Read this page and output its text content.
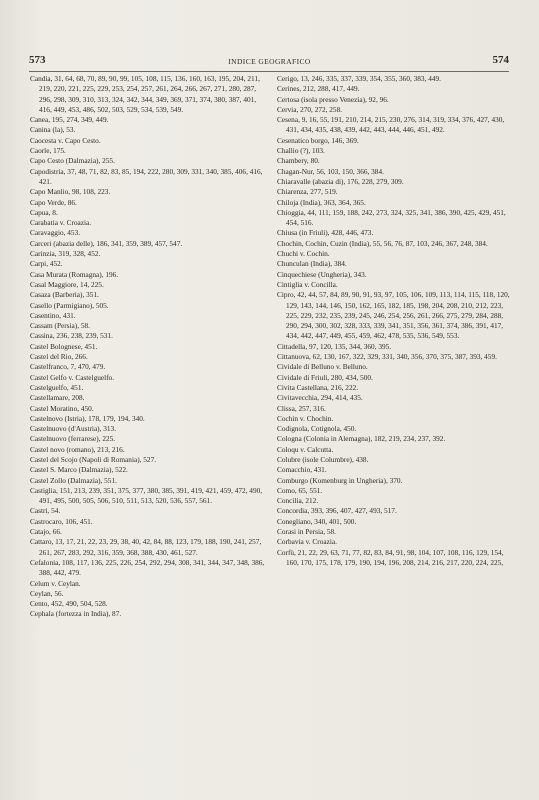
573	INDICE GEOGRAFICO	574
Candia, 31, 64, 68, 70, 89, 90, 99, 105, 108, 115, 136, 160, 163, 195, 204, 211, 219, 220, 221, 225, 229, 253, 254, 257, 261, 264, 266, 267, 271, 280, 287, 296, 298, 309, 310, 313, 324, 342, 344, 349, 369, 371, 374, 380, 387, 401, 416, 449, 453, 486, 502, 503, 529, 534, 539, 549.
Canea, 195, 274, 349, 449.
Canina (la), 53.
Caocesta v. Capo Cesto.
Caorle, 175.
Capo Cesto (Dalmazia), 255.
Capodistria, 37, 48, 71, 82, 83, 85, 194, 222, 280, 309, 331, 340, 385, 406, 416, 421.
Capo Manlio, 98, 108, 223.
Capo Verde, 86.
Capua, 8.
Carabatia v. Croazia.
Caravaggio, 453.
Carceri (abazia delle), 186, 341, 359, 389, 457, 547.
Carinzia, 319, 328, 452.
Carpi, 452.
Casa Murata (Romagna), 196.
Casal Maggiore, 14, 225.
Casaza (Barberia), 351.
Casello (Parmigiano), 505.
Casentino, 431.
Cassam (Persia), 58.
Cassina, 236, 238, 239, 531.
Castel Bolognese, 451.
Castel del Rio, 266.
Castelfranco, 7, 470, 479.
Castel Gelfo v. Castelguelfo.
Castelguelfo, 451.
Castellamare, 208.
Castel Moratino, 450.
Castelnovo (Istria), 178, 179, 194, 340.
Castelnuovo (d'Austria), 313.
Castelnuovo (ferrarese), 225.
Castel novo (romano), 213, 216.
Castel del Scojo (Napoli di Romania), 527.
Castel S. Marco (Dalmazia), 522.
Castel Zollo (Dalmazia), 551.
Castiglia, 151, 213, 239, 351, 375, 377, 380, 385, 391, 419, 421, 459, 472, 490, 491, 495, 500, 505, 506, 510, 511, 513, 520, 536, 557, 561.
Castri, 54.
Castrocaro, 106, 451.
Catajo, 66.
Cattaro, 13, 17, 21, 22, 23, 29, 38, 40, 42, 84, 88, 123, 179, 188, 190, 241, 257, 261, 267, 283, 292, 316, 359, 368, 388, 430, 461, 527.
Cefalonia, 108, 117, 136, 225, 226, 254, 292, 294, 308, 341, 344, 347, 348, 386, 388, 442, 479.
Celum v. Ceylan.
Ceylan, 56.
Cento, 452, 490, 504, 528.
Cephala (fortezza in India), 87.
Cerigo, 13, 246, 335, 337, 339, 354, 355, 360, 383, 449.
Cerines, 212, 288, 417, 449.
Certosa (isola presso Venezia), 92, 96.
Cervia, 270, 272, 258.
Cesena, 9, 16, 55, 191, 210, 214, 215, 230, 276, 314, 319, 334, 376, 427, 430, 431, 434, 435, 438, 439, 442, 443, 444, 446, 451, 492.
Cesenatico borgo, 146, 369.
Challio (?), 103.
Chambery, 80.
Chagan-Nur, 56, 103, 150, 366, 384.
Chiaravalle (abazia di), 176, 228, 279, 309.
Chiarenza, 277, 519.
Chiloja (India), 363, 364, 365.
Chioggia, 44, 111, 159, 188, 242, 273, 324, 325, 341, 386, 390, 425, 429, 451, 454, 516.
Chiusa (in Friuli), 428, 446, 473.
Chochin, Cochin, Cuzin (India), 55, 56, 76, 87, 103, 246, 367, 248, 384.
Chuchi v. Cochin.
Chunculan (India), 384.
Cinquechiese (Ungheria), 343.
Cintiglia v. Concilla.
Cipro, 42, 44, 57, 84, 89, 90, 91, 93, 97, 105, 106, 109, 113, 114, 115, 118, 120, 129, 143, 144, 146, 150, 162, 165, 182, 185, 198, 204, 208, 210, 212, 223, 225, 229, 232, 235, 239, 245, 246, 254, 256, 261, 266, 275, 279, 284, 288, 290, 294, 300, 302, 328, 333, 339, 341, 351, 356, 361, 374, 386, 391, 417, 434, 442, 447, 449, 455, 459, 462, 478, 535, 536, 549, 553.
Cittadella, 97, 120, 135, 344, 360, 395.
Cittanuova, 62, 130, 167, 322, 329, 331, 340, 356, 370, 375, 387, 393, 459.
Cividale di Belluno v. Belluno.
Cividale di Friuli, 280, 434, 500.
Civita Castellana, 216, 222.
Civitavecchia, 294, 414, 435.
Clissa, 257, 316.
Cochin v. Chochin.
Codignola, Cotignola, 450.
Cologna (Colonia in Alemagna), 182, 219, 234, 237, 392.
Coloqu v. Calcutta.
Colubre (isole Columbre), 438.
Comacchio, 431.
Comburgo (Komenburg in Ungheria), 370.
Como, 65, 551.
Concilia, 212.
Concordia, 393, 396, 407, 427, 493, 517.
Conegliano, 340, 401, 500.
Corasi in Persia, 58.
Corbavia v. Croazia.
Corfù, 21, 22, 29, 63, 71, 77, 82, 83, 84, 91, 98, 104, 107, 108, 116, 129, 154, 160, 170, 175, 178, 179, 190, 194, 196, 208, 214, 216, 217, 220, 224, 225,
